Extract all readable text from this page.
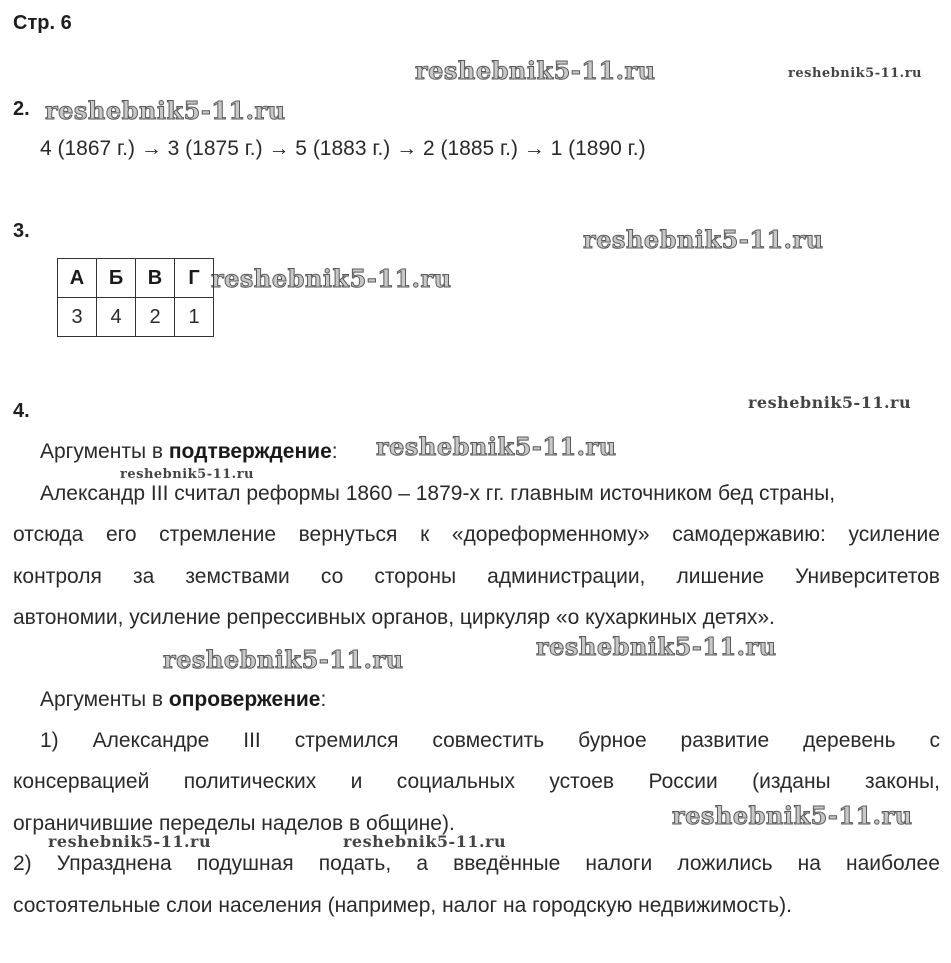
Стр. 6
reshebnik5-11.ru	reshebnik5-11.ru
reshebnik5-11.ru
reshebnik5-11.ru
reshebnik5-11.ru
reshebnik5-11.ru
reshebnik5-11.ru
reshebnik5-11.ru
reshebnik5-11.ru
reshebnik5-11.ru
reshebnik5-11.ru
reshebnik5-11.ru	reshebnik5-11.ru
2.
4 (1867 г.) → 3 (1875 г.) → 5 (1883 г.) → 2 (1885 г.) → 1 (1890 г.)
3.
А	Б	В	Г
3	4	2	1
4.
Аргументы в подтверждение:
Александр III считал реформы 1860 – 1879-х гг. главным источником бед страны,
отсюда его стремление вернуться к «дореформенному» самодержавию: усиление
контроля за земствами со стороны администрации, лишение Университетов
автономии, усиление репрессивных органов, циркуляр «о кухаркиных детях».
Аргументы в опровержение:
1) Александре III стремился совместить бурное развитие деревень с
консервацией политических и социальных устоев России (изданы законы,
ограничившие переделы наделов в общине).
2) Упразднена подушная подать, а введённые налоги ложились на наиболее
состоятельные слои населения (например, налог на городскую недвижимость).
